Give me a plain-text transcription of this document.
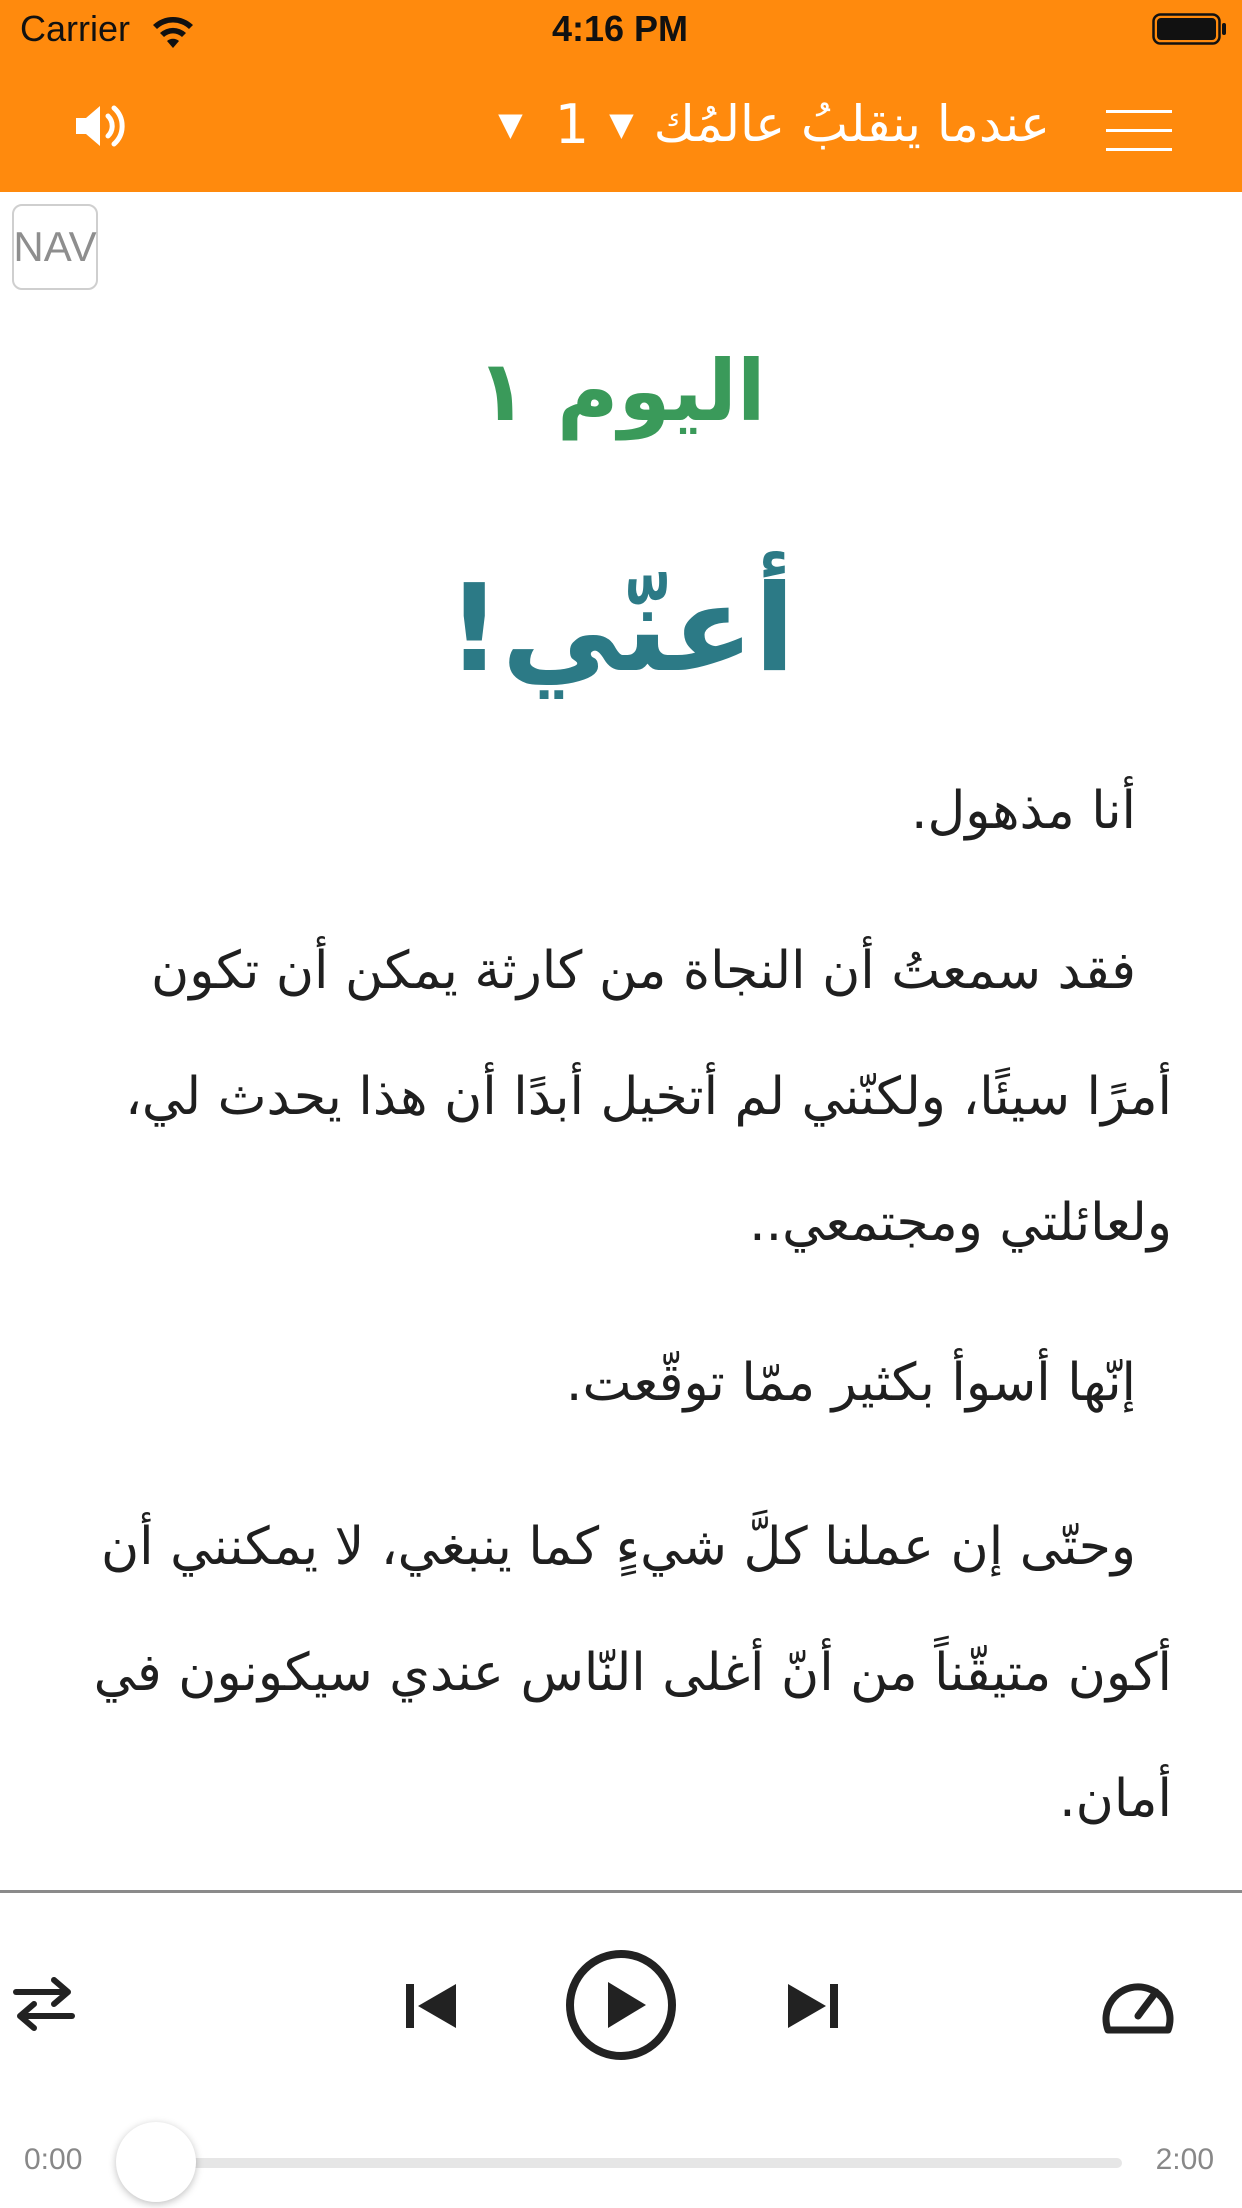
Carrier	4:16 PM
▼ 1 ▼ عندما ينقلبُ عالمُك
NAV
اليوم ١
أعنّي!
أنا مذهول.
فقد سمعتُ أن النجاة من كارثة يمكن أن تكون أمرًا سيئًا، ولكنّني لم أتخيل أبدًا أن هذا يحدث لي، ولعائلتي ومجتمعي..
إنّها أسوأ بكثير ممّا توقّعت.
وحتّى إن عملنا كلَّ شيءٍ كما ينبغي، لا يمكنني أن أكون متيقّناً من أنّ أغلى النّاس عندي سيكونون في أمان.
0:00	2:00
